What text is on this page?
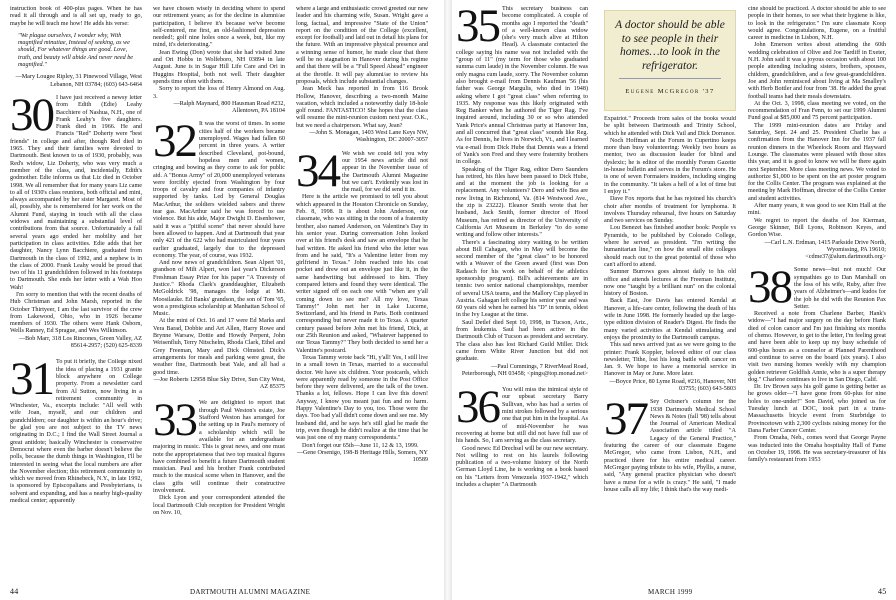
instruction book of 400-plus pages. When he has read it all through and is all set up, ready to go, maybe he will teach me how! He adds his verse:

"We plague ourselves, I wonder why, With magnified minutiae, Instead of seeking, as we should, For whatever things are good. Love, truth, and beauty will abide And never need be magnified."

—Mary Lougee Ripley, 31 Pinewood Village, West Lebanon, NH 03784; (603) 643-6464

30 I have just received a newsy letter from Edith (Edie) Leahy Bacchiere of Nashua, N.H., one of Frank Leahy's five daughters. Frank died in 1966. He and Francis "Red" Doherty were "best friends" in college and after, though Red died in 1965. They and their families were devoted to Dartmouth. Best known to us of 1930, probably, was Red's widow, Liz Doherty, who was very much a member of the class, and, incidentally, Edith's godmother. Edie informs us that Liz died in October 1998. We all remember that for many years Liz came to all of 1930's class reunions, both official and mini, always accompanied by her sister Margaret. Most of all, possibly, she is remembered for her work on the Alumni Fund, staying in touch with all the class widows and maintaining a substantial level of contributions from that source. Unfortunately a fall several years ago ended her mobility and her participation in class activities. Edie adds that her daughter, Nancy Lynn Bacchiere, graduated from Dartmouth in the class of 1992, and a nephew is in the class of 2000. Frank Leahy would be proud that two of his 11 grandchildren followed in his footsteps to Dartmouth. She ends her letter with a Wah Hoo Wah!

I'm sorry to mention that with the recent deaths of Hub Christman and John Marsh, reported in the October Thirtyeer, I am the last survivor of the crew from Lakewood, Ohio, who in 1926 became members of 1930. The others were Hank Osborn, Wells Ranney, Ed Sprague, and Wes Wilkinson.

—Bob Marr, 318 Los Rincones, Green Valley, AZ 85614-2957; (520) 625-8339

31 To put it briefly, the College nixed the idea of placing a 1931 granite block anywhere on College property. From a newsletter card from Al Sutton, now living in a retirement community in Winchester, Va., excerpts include: "All well with wife Joan, myself, and our children and grandchildren; our daughter is within an hour's drive; be glad you are not subject to the TV news originating in D.C.; I find the Wall Street Journal a great antidote; basically Winchester is conservative Democrat where even the barber doesn't believe the polls, because the dumb things in Washington, I'll be interested in seeing what the local numbers are after the November election; this retirement community to which we moved from Rhinebeck, N.Y., in late 1992, is sponsored by Episcopalians and Presbyterians, is solvent and expanding, and has a nearby high-quality medical center; apparently

we have chosen wisely in deciding where to spend our retirement years; as for the decline in alumni/ae participation, I believe it's because we've become self-centered, me first, an old-fashioned depression needed!; golf nine holes once a week, but, like my mind, it's deteriorating."

Jean Ewing (Don) wrote that she had visited June and Ori Hobbs in Wolfeboro, NH 03894 in late August. June is in Sugar Hill Life Care and Ori in Huggins Hospital, both not well. Their daughter spends time often with them.

Sorry to report the loss of Henry Almond on Aug. 3.

—Ralph Maynard, 800 Hausman Road #232, Allentown, PA 18104

32 It was the worst of times. In some cities half of the workers became unemployed. Wages had fallen 60 percent in three years. A writer described Cleveland, pot-bound, hopeless men and women, cringing and bowing as they come to ask for public aid. A "Bonus Army" of 20,000 unemployed veterans were forcibly ejected from Washington by four troops of cavalry and four companies of infantry supported by tanks. Led by General Douglas MacArthur, the soldiers wielded sabers and threw tear gas. MacArthur said he was forced to use violence. But his aide, Major Dwight D. Eisenhower, said it was a "pitiful scene" that never should have been allowed to happen. And at Dartmouth that year only 421 of the 622 who had matriculated four years earlier graduated, largely due to the depressed economy. The year, of course, was 1932.

And now news of grandchildren. Sean Alpert '01, grandson of Milt Alpert, won last year's Dickerson Freshman Essay Prize for his paper "A Travesty of Justice." Rhoda Clark's granddaughter, Elizabeth McGoldrick '98, manages the lodge at Mt. Moosilauke. Ed Banks' grandson, the son of Tom '65, won a prestigious scholarship at Manhattan School of Music.

At the mini of Oct. 16 and 17 were Ed Marks and Vera Barad, Dobbie and Art Allen, Harry Rowe and Brynne Warsaw, Dottie and Howdy Perpent, John Weisenfluh, Terry Nitschelm, Rhoda Clark, Ethel and Grey Freeman, Mary and Dick Olmsted. Dick's arrangements for meals and parking were great, the weather fine, Dartmouth beat Yale, and all had a good time.

—Joe Roberts 12958 Blue Sky Drive, Sun City West, AZ 85375

33 We are delighted to report that through Paul Weston's estate, Joe Stafford Weston has arranged for the setting up in Paul's memory of a scholarship which will be available for an undergraduate majoring in music. This is great news, and one must note the appropriateness that two top musical figures have combined to benefit a future Dartmouth student musician. Paul and his brother Frank contributed much to the musical scene when in Hanover, and the class gifts will continue their constructive involvement.

Dick Lyon and your correspondent attended the local Dartmouth Club reception for President Wright on Nov. 10,

where a large and enthusiastic crowd greeted our new leader and his charming wife, Susan. Wright gave a long, factual, and impressive "State of the Union" report on the condition of the College (excellent, except for football) and laid out in detail his plans for the future. With an impressive physical presence and a winning sense of humor, he made clear that there will be no stagnation in Hanover during his regime and that there will be a "Full Speed Ahead" engineer at the throttle. It will pay alumni/ae to review his proposals, which include substantial changes.

Jean Meck has reported in from 116 Brook Hollow, Hanover, describing a two-month Maine vacation, which included a noteworthy daily 18-hole golf round. FANTASTICO! She hopes that the class will resume the mini-reunion custom next year. O.K., but we need a chairperson. What say, Jean?

—John S. Monagan, 1403 West Lane Keys NW, Washington, DC 20007-3057

34 We wish we could tell you why our 1954 news article did not appear in the November issue of the Dartmouth Alumni Magazine but we can't. Evidently was lost in the mail, for we did send it in.

Here is the article we promised to tell you about which appeared in the Houston Chronicle on Sunday, Feb. 8, 1998. It is about John Anderson, our classmate, who was sitting in the room of a fraternity brother, also named Anderson, on Valentine's Day in his senior year. During conversation John looked over at his friend's desk and saw an envelope that he had written. He asked his friend who the letter was from and he said, "It's a Valentine letter from my girlfriend in Texas." John reached into his coat pocket and drew out an envelope just like it, in the same handwriting but addressed to him. They compared letters and found they were identical. The writer signed off on each one with "when are y'all coming down to see me? All my love, Texas Tammy!" John met her in Lake Lucerne, Switzerland, and his friend in Paris. Both continued corresponding but never made it to Texas. A quarter century passed before John met his friend, Dick, at our 25th Reunion and asked, "Whatever happened to our Texas Tammy?" They both decided to send her a Valentine's postcard.

Texas Tammy wrote back "Hi, y'all! Yes, I still live in a small town in Texas, married to a successful doctor. We have six children. Your postcards, which were apparently read by someone in the Post Office before they were delivered, are the talk of the town. Thanks a lot, fellows. Hope I can live this down! Anyway, I know you meant just fun and no harm. Happy Valentine's Day to you, too. Those were the days. Too bad y'all didn't come down and see me. My husband did, and he says he's still glad he made the trip, even though he didn't realize at the time that he was just one of my many correspondents."

Don't forget our 65th—June 11, 12 & 13, 1999.

—Gene Orsenigo, 198-B Heritage Hills, Somers, NY 10589

44	DARTMOUTH ALUMNI MAGAZINE
35 This secretary business can become complicated. A couple of months ago I reported the "death" of a well-known class widow (she's very much alive at Hilton Head). A classmate contacted the college saying his name was not included with the "group of 11" (my term for those who graduated summa cum laude) in the November column. He was only magna cum laude, sorry. The November column also brought e-mail from Dennis Kaufman '56 (his father was George Margulis, who died in 1948) asking where I got "great class" when referring to 1935. My response was this likely originated with Reg Banker when he authored the Tiger Rag. I've inquired around, including 30 or so who attended Yank Price's annual Christmas party at Hanover Inn, and all concurred that "great class" sounds like Reg. As for Dennis, he lives in Norwich, Vt., and I learned via e-mail from Dick Hube that Dennis was a friend of Yank's son Fred and they were fraternity brothers in college.

Speaking of the Tiger Rag, editor Dero Saunders has retired, his files have been passed to Dick Hube, and at the moment the job is looking for a replacement. Any volunteers? Dero and wife Bea are now living in Richmond, Va. (814 Westwood Ave., the zip is 23222). Eleanor Smith wrote that her husband, Jack Smith, former director of Hood Museum, has retired as director of the University of California Art Museum in Berkeley "to do some writing and follow other interests."

There's a fascinating story waiting to be written about Bill Cahagan, who in May will become the second member of the "great class" to be honored with a Weaver of the Green award (first was Don Radasch for his work on behalf of the athletics sponsorship program). Bill's achievements are in tennis: two senior national championships, member of several USA teams, and the Mallory Cup played in Austria. Gahagan left college his senior year and was 60 years old when he earned his "D" in tennis, oldest in the Ivy League at the time.

Saul Detlef died Sept 10, 1998, in Tucson, Ariz., from leukemia. Saul had been active in the Dartmouth Club of Tucson as president and secretary. The class also has lost Richard Guild Miller. Dick came from White River Junction but did not graduate.

—Paul Cummings, 7 RiverMead Road, Peterborough, NH 03458; <pings@top.monad.net>

36 You will miss the inimical style of our upbeat secretary Barry Sullivan, who has had a series of mini strokes followed by a serious one that put him in the hospital. As of mid-November he was recovering at home but still did not have full use of his hands. So, I am serving as the class secretary.

Good news: Ed Drechsel will be our new secretary. Not willing to rest on his laurels following publication of a two-volume history of the North German Lloyd Line, he is working on a book based on his "Letters from Venezuela 1937-1942," which includes a chapter "A Dartmouth

A doctor should be able to see people in their homes…to look in the refrigerator.
Eugene McGregor '37

Expatriot." Proceeds from sales of the books would be split between Dartmouth and Trinity School, which he attended with Dick Vail and Dick Dorrance.

Noch Hoffman at the Forum in Cupertino keeps more than busy volunteering: Weekly two hours as mentor, two as discussion leader for blind and dyslexic; he is editor of the monthly Forum Gazette in-house bulletin and serves in the Forum's store. He is one of seven Formaiers insiders, including singing in the community. "It takes a hell of a lot of time but I enjoy it."

Dave Fox reports that he has rejoined his church's choir after months of treatment for lymphoma. It involves Thursday rehearsal, five hours on Saturday and two services on Sunday.

Lou Benezet has finished another book: People vs Pyramids, to be published by Colorado College, where he served as president. "I'm writing the humanitarian line," on how the small elite colleges should reach out to the great potential of those who can't afford to attend.

Sumner Burrows goes almost daily to his old office and attends lectures at the Freeman Institute, now one "taught by a brilliant nun" on the colonial history of Boston.

Back East, Joe Davis has entered Kendal at Hanover, a life-care center, following the death of his wife in June 1998. He formerly headed up the large-type edition division of Reader's Digest. He finds the many varied activities at Kendal stimulating and enjoys the proximity to the Dartmouth campus.

This sad news arrived just as we were going to the printer: Frank Koppler, beloved editor of our class newsletter, Tithe, lost his long battle with cancer on Jan. 9. We hope to have a memorial service in Hanover in May or June. More later.

—Boyce Price, 80 Lyme Road, #216, Hanover, NH 03755; (603) 643-5803

37 Sey Ochsner's column for the 1938 Dartmouth Medical School News & Notes (fall '98) tells about the Journal of American Medical Association article titled "A Legacy of the General Practice," featuring the career of our classmate Eugene McGregor, who came from Lisbon, N.H., and practiced there for his entire medical career. McGregor paying tribute to his wife, Phyllis, a nurse, said, "Any general practice physician who doesn't have a nurse for a wife is crazy." He said, "I made house calls all my life; I think that's the way medi-

cine should be practiced. A doctor should be able to see people in their homes, to see what their hygiene is like, to look in the refrigerator." I'm sure classmate Koop would agree. Congratulations, Eugene, on a fruitful career in medicine in Lisbon, N.H.

John Emerson writes about attending the 60th wedding celebration of Olive and Joe Tardiff in Exeter, N.H. John said it was a joyous occasion with about 100 people attending including sisters, brothers, spouses, children, grandchildren, and a few great-grandchildren. Joe and John reminisced about living at Ma Smalley's with Herb Bottler and four from '38. He added the great football teams had their meals downstairs.

At the Oct. 3, 1998, class meeting we voted, on the recommendation of Fran Fenn, to set our 1999 Alumni Fund goal at $85,000 and 75 percent participation.

The 1999 mini-reunion dates are Friday and Saturday, Sept. 24 and 25. President Charlie has a confirmation from the Hanover Inn for the 1937 fall reunion dinners in the Wheelock Room and Hayward Lounge. The classmates were pleased with those sites this year, and it is good to know we will be there again next September. More class meeting news. We voted to authorize $1,000 to be spent on the art poster program for the Collis Center. The program was explained at the meeting by Mark Hoffman, director of the Collis Center and student activities.

After many years, it was good to see Kim Hall at the mini.

We regret to report the deaths of Joe Kierman, George Skinner, Bill Lyons, Robinson Keyes, and Gordon Wise.

—Carl L.N. Erdman, 1415 Parkside Drive North, Wyomissing, PA 19610; <cdme37@alum.dartmouth.org>

38 Some news—but not much! Our sympathies go to Dan Marshall on the loss of his wife, Ruby, after five years of Alzheimer's—and kudos for the job he did with the Reunion Pax Setter.

Received a note from Charlene Barber, Hank's widow—"I had major surgery on the day before Hank died of colon cancer and I'm just finishing six months of chemo. However, to get to the letter, I'm feeling great and have been able to keep up my busy schedule of 600-plus hours as a counselor at Planned Parenthood and continue to serve on the board (six years). I also visit two nursing homes weekly with my champion golden retriever Goldfish Annie, who is a super therapy dog." Charlene continues to live in San Diego, Calif.

Dr. Irv Brown says his golf game is getting better as he grows older—"I have gone from 60-plus for nine holes to one-under!" Son David, who joined us for Tuesday lunch at DOC, took part in a trans-Massachusetts bicycle event from Sturbridge to Provincetown with 2,300 cyclists raising money for the Dana Farber Cancer Center.

From Omaha, Neb., comes word that George Payne was inducted into the Omaha hospitality Hall of Fame on October 19, 1998. He was secretary-treasurer of his family's restaurant from 1953

MARCH 1999	45
